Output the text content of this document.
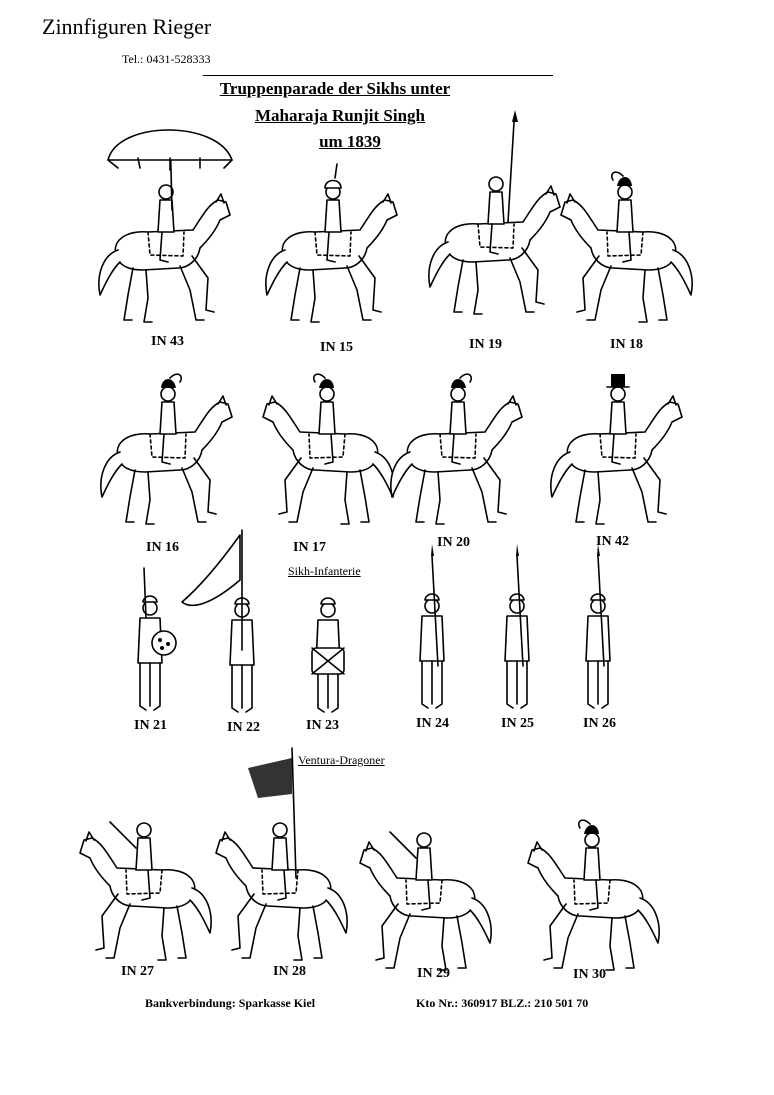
Zinnfiguren Rieger
Tel.: 0431-528333
Truppenparade der Sikhs unter
Maharaja Runjit Singh
um 1839
Sikh-Infanterie
Ventura-Dragoner
IN 43	IN 15	IN 19	IN 18
IN 16	IN 17	IN 20	IN 42
IN 21	IN 22	IN 23	IN 24	IN 25	IN 26
IN 27	IN 28	IN 29	IN 30
Bankverbindung: Sparkasse Kiel	Kto Nr.: 360917 BLZ.: 210 501 70
